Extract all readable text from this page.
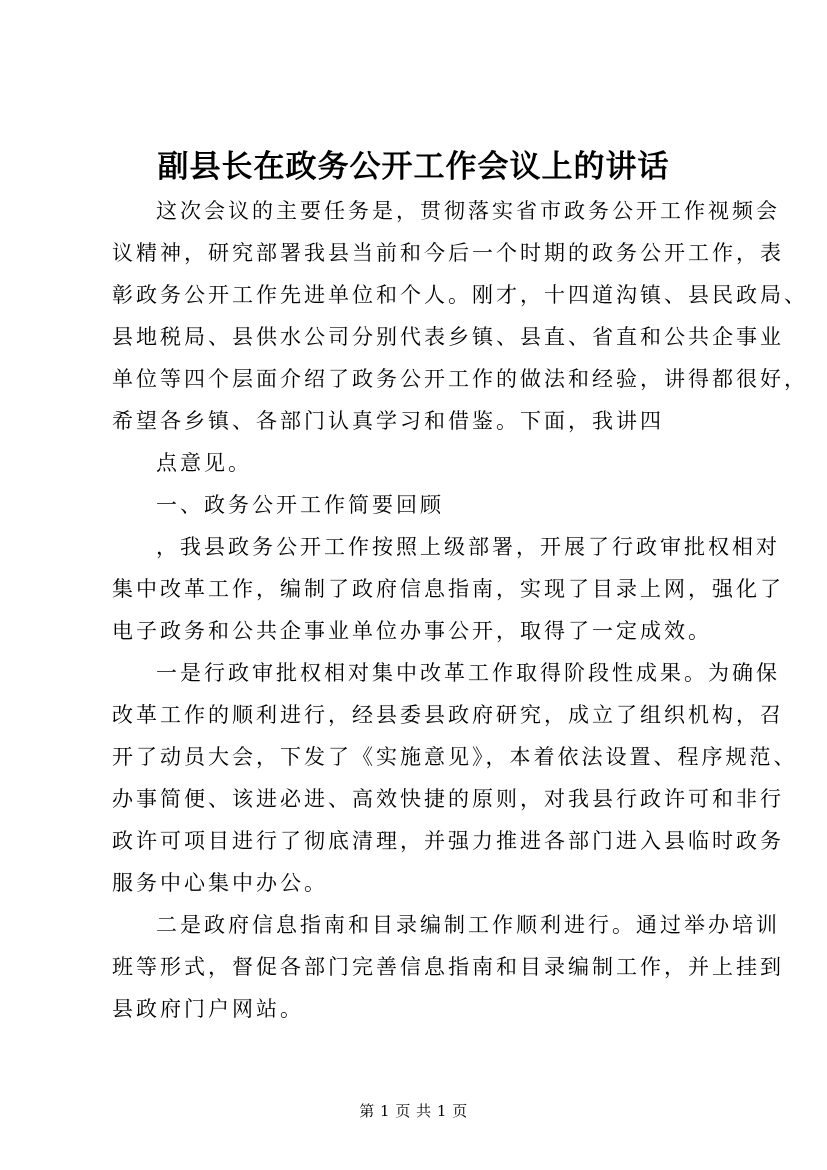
副县长在政务公开工作会议上的讲话

这次会议的主要任务是，贯彻落实省市政务公开工作视频会

议精神，研究部署我县当前和今后一个时期的政务公开工作，表

彰政务公开工作先进单位和个人。刚才，十四道沟镇、县民政局、

县地税局、县供水公司分别代表乡镇、县直、省直和公共企事业

单位等四个层面介绍了政务公开工作的做法和经验，讲得都很好，

希望各乡镇、各部门认真学习和借鉴。下面，我讲四

点意见。

一、政务公开工作简要回顾

，我县政务公开工作按照上级部署，开展了行政审批权相对

集中改革工作，编制了政府信息指南，实现了目录上网，强化了

电子政务和公共企事业单位办事公开，取得了一定成效。

一是行政审批权相对集中改革工作取得阶段性成果。为确保

改革工作的顺利进行，经县委县政府研究，成立了组织机构，召

开了动员大会，下发了《实施意见》，本着依法设置、程序规范、

办事简便、该进必进、高效快捷的原则，对我县行政许可和非行

政许可项目进行了彻底清理，并强力推进各部门进入县临时政务

服务中心集中办公。

二是政府信息指南和目录编制工作顺利进行。通过举办培训

班等形式，督促各部门完善信息指南和目录编制工作，并上挂到

县政府门户网站。

第 1 页 共 1 页
